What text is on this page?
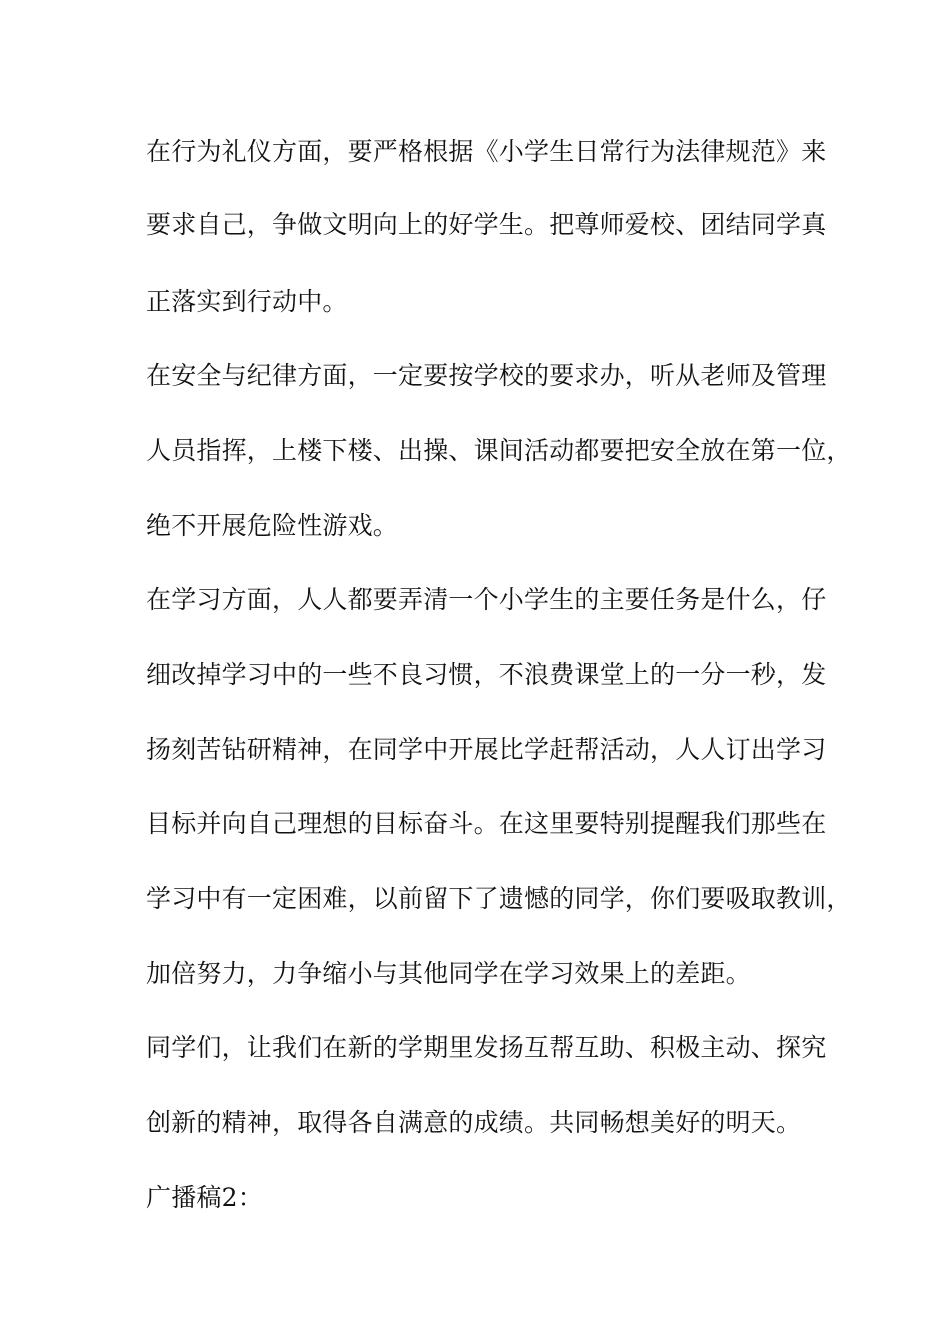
在行为礼仪方面，要严格根据《小学生日常行为法律规范》来

要求自己，争做文明向上的好学生。把尊师爱校、团结同学真

正落实到行动中。

在安全与纪律方面，一定要按学校的要求办，听从老师及管理

人员指挥，上楼下楼、出操、课间活动都要把安全放在第一位，

绝不开展危险性游戏。

在学习方面，人人都要弄清一个小学生的主要任务是什么，仔

细改掉学习中的一些不良习惯，不浪费课堂上的一分一秒，发

扬刻苦钻研精神，在同学中开展比学赶帮活动，人人订出学习

目标并向自己理想的目标奋斗。在这里要特别提醒我们那些在

学习中有一定困难，以前留下了遗憾的同学，你们要吸取教训，

加倍努力，力争缩小与其他同学在学习效果上的差距。

同学们，让我们在新的学期里发扬互帮互助、积极主动、探究

创新的精神，取得各自满意的成绩。共同畅想美好的明天。

广播稿2：
